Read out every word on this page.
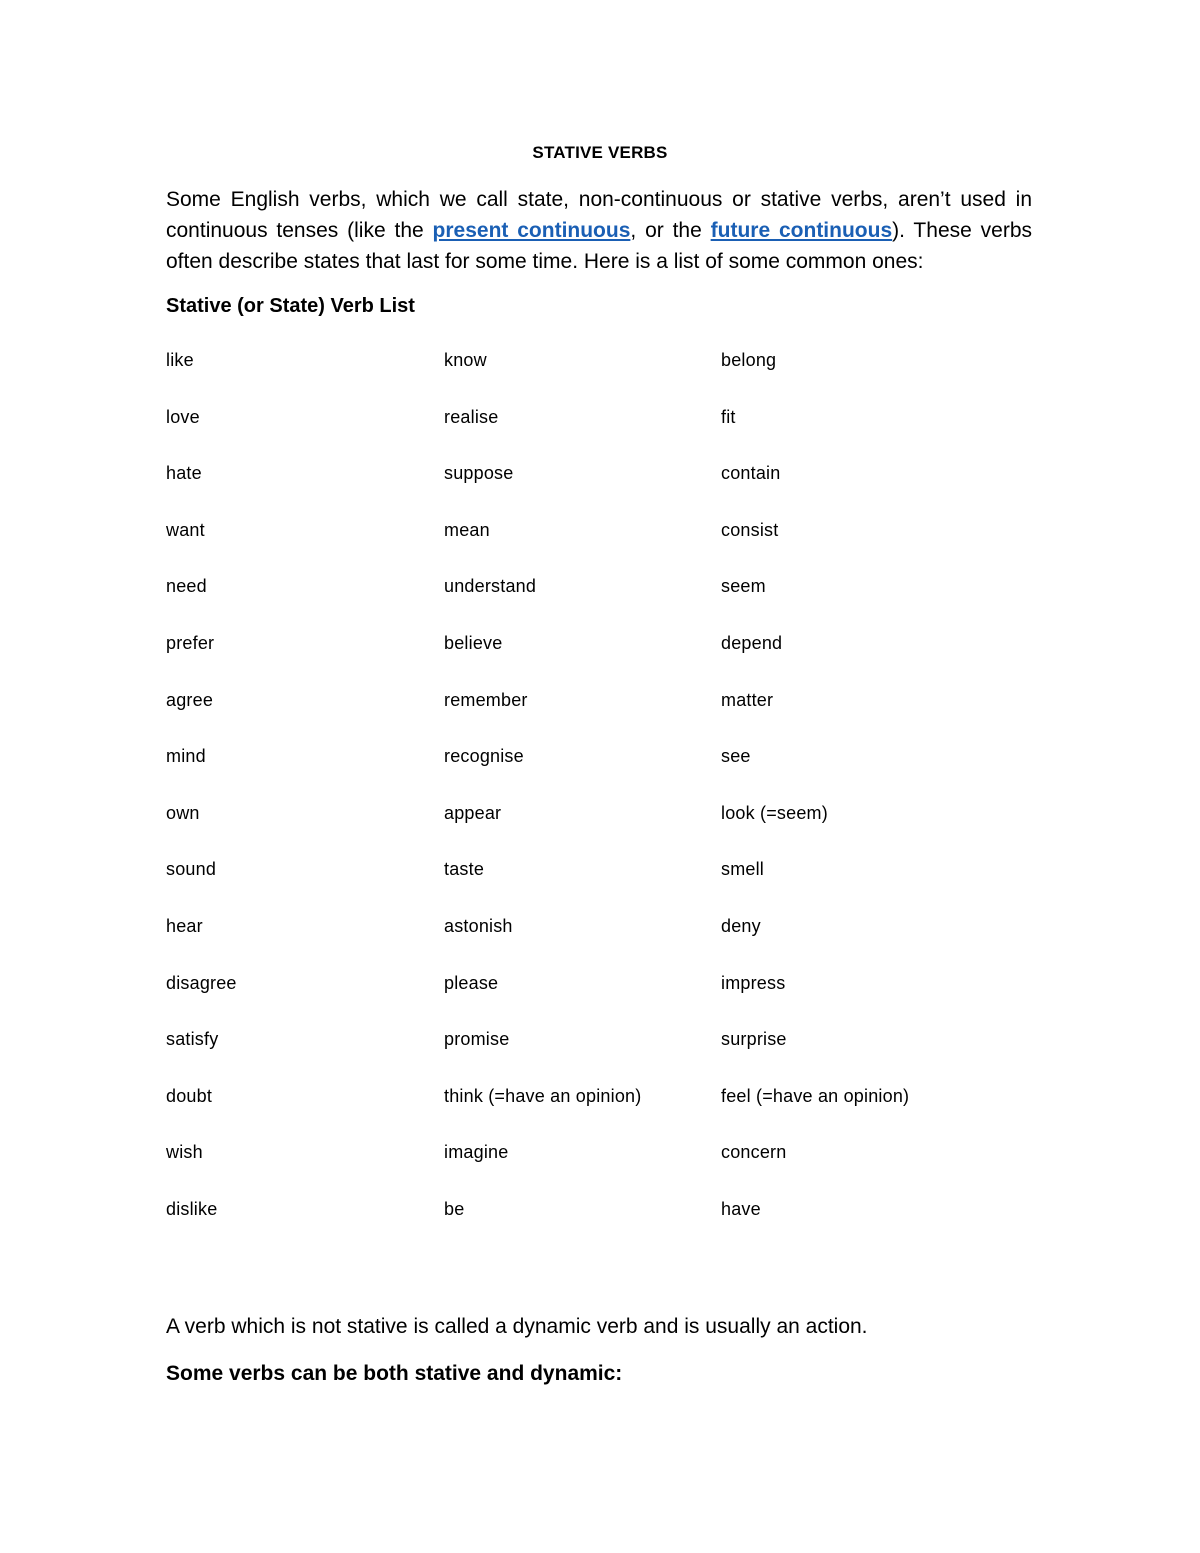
STATIVE VERBS

Some English verbs, which we call state, non-continuous or stative verbs, aren’t used in continuous tenses (like the present continuous, or the future continuous). These verbs often describe states that last for some time. Here is a list of some common ones:

Stative (or State) Verb List
like	know	belong
love	realise	fit
hate	suppose	contain
want	mean	consist
need	understand	seem
prefer	believe	depend
agree	remember	matter
mind	recognise	see
own	appear	look (=seem)
sound	taste	smell
hear	astonish	deny
disagree	please	impress
satisfy	promise	surprise
doubt	think (=have an opinion)	feel (=have an opinion)
wish	imagine	concern
dislike	be	have
A verb which is not stative is called a dynamic verb and is usually an action.
Some verbs can be both stative and dynamic:
